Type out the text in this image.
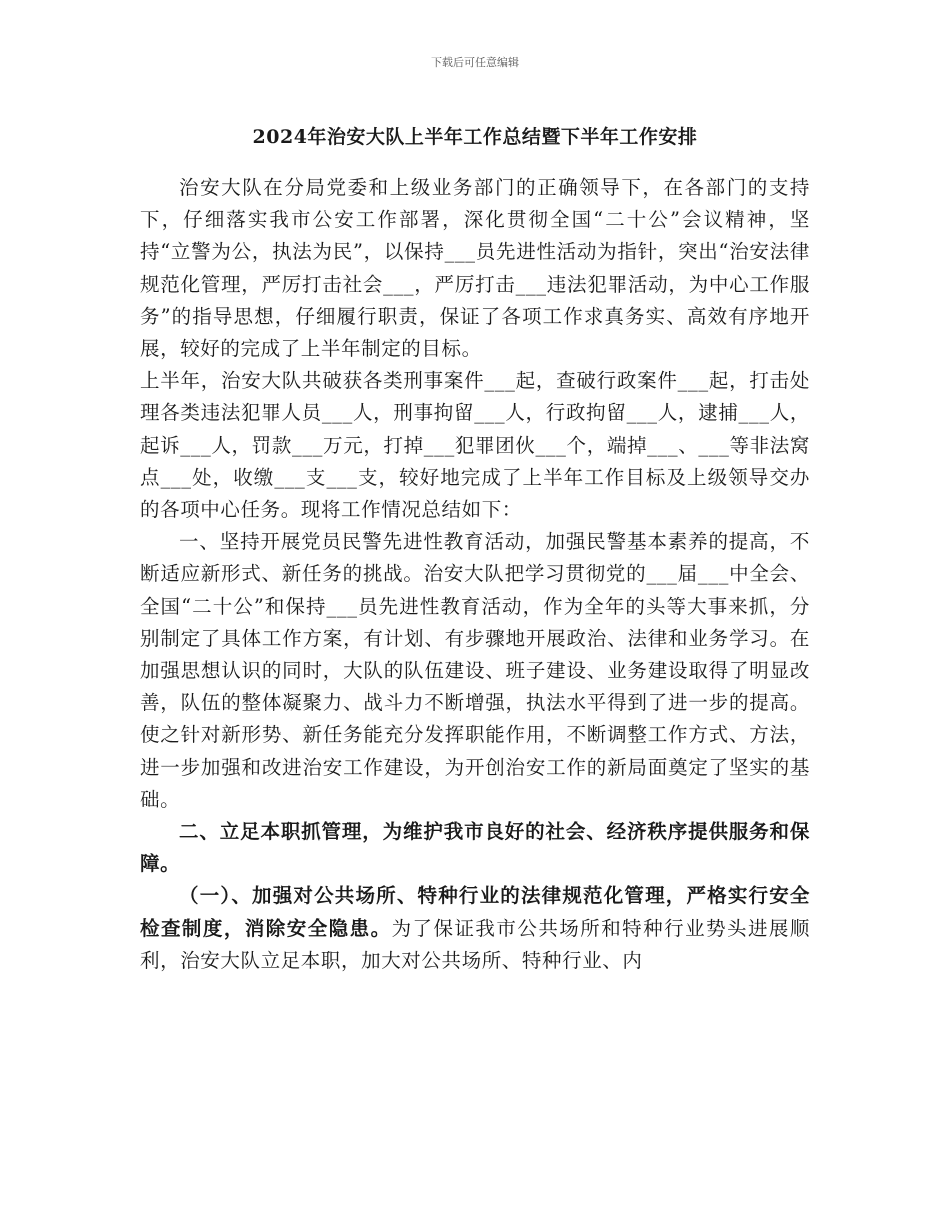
下载后可任意编辑
2024年治安大队上半年工作总结暨下半年工作安排

治安大队在分局党委和上级业务部门的正确领导下，在各部门的支持下，仔细落实我市公安工作部署，深化贯彻全国“二十公”会议精神，坚持“立警为公，执法为民”，以保持___员先进性活动为指针，突出“治安法律规范化管理，严厉打击社会___，严厉打击___违法犯罪活动，为中心工作服务”的指导思想，仔细履行职责，保证了各项工作求真务实、高效有序地开展，较好的完成了上半年制定的目标。

上半年，治安大队共破获各类刑事案件___起，查破行政案件___起，打击处理各类违法犯罪人员___人，刑事拘留___人，行政拘留___人，逮捕___人，起诉___人，罚款___万元，打掉___犯罪团伙___个，端掉___、___等非法窝点___处，收缴___支___支，较好地完成了上半年工作目标及上级领导交办的各项中心任务。现将工作情况总结如下：

一、坚持开展党员民警先进性教育活动，加强民警基本素养的提高，不断适应新形式、新任务的挑战。治安大队把学习贯彻党的___届___中全会、全国“二十公”和保持___员先进性教育活动，作为全年的头等大事来抓，分别制定了具体工作方案，有计划、有步骤地开展政治、法律和业务学习。在加强思想认识的同时，大队的队伍建设、班子建设、业务建设取得了明显改善，队伍的整体凝聚力、战斗力不断增强，执法水平得到了进一步的提高。使之针对新形势、新任务能充分发挥职能作用，不断调整工作方式、方法，进一步加强和改进治安工作建设，为开创治安工作的新局面奠定了坚实的基础。

二、立足本职抓管理，为维护我市良好的社会、经济秩序提供服务和保障。

（一）、加强对公共场所、特种行业的法律规范化管理，严格实行安全检查制度，消除安全隐患。为了保证我市公共场所和特种行业势头进展顺利，治安大队立足本职，加大对公共场所、特种行业、内
